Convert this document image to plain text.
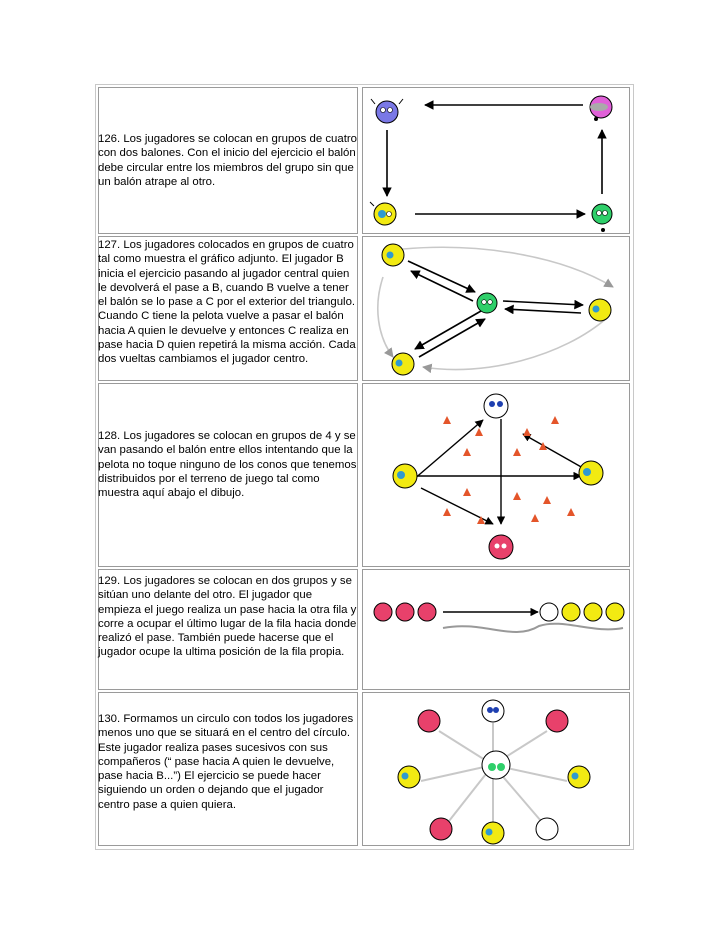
126. Los jugadores se colocan en grupos de cuatro con dos balones. Con el inicio del ejercicio el balón debe circular entre los miembros del grupo sin que un balón atrape al otro.
127. Los jugadores colocados en grupos de cuatro tal como muestra el gráfico adjunto. El jugador B inicia el ejercicio pasando al jugador central quien le devolverá el pase a B, cuando B vuelve a tener el balón se lo pase a C por el exterior del triangulo. Cuando C tiene la pelota vuelve a pasar el balón hacia A quien le devuelve y entonces C realiza en pase hacia D quien repetirá la misma acción. Cada dos vueltas cambiamos el jugador centro.
128. Los jugadores se colocan en grupos de 4 y se van pasando el balón entre ellos intentando que la pelota no toque ninguno de los conos que tenemos distribuidos por el terreno de juego tal como muestra aquí abajo el dibujo.
129. Los jugadores se colocan en dos grupos y se sitúan uno delante del otro. El jugador que empieza el juego realiza un pase hacia la otra fila y corre a ocupar el último lugar de la fila hacia donde realizó el pase. También puede hacerse que el jugador ocupe la ultima posición de la fila propia.
130. Formamos un circulo con todos los jugadores menos uno que se situará en el centro del círculo. Este jugador realiza pases sucesivos con sus compañeros (“ pase hacia A quien le devuelve, pase hacia B...”) El ejercicio se puede hacer siguiendo un orden o dejando que el jugador centro pase a quien quiera.
